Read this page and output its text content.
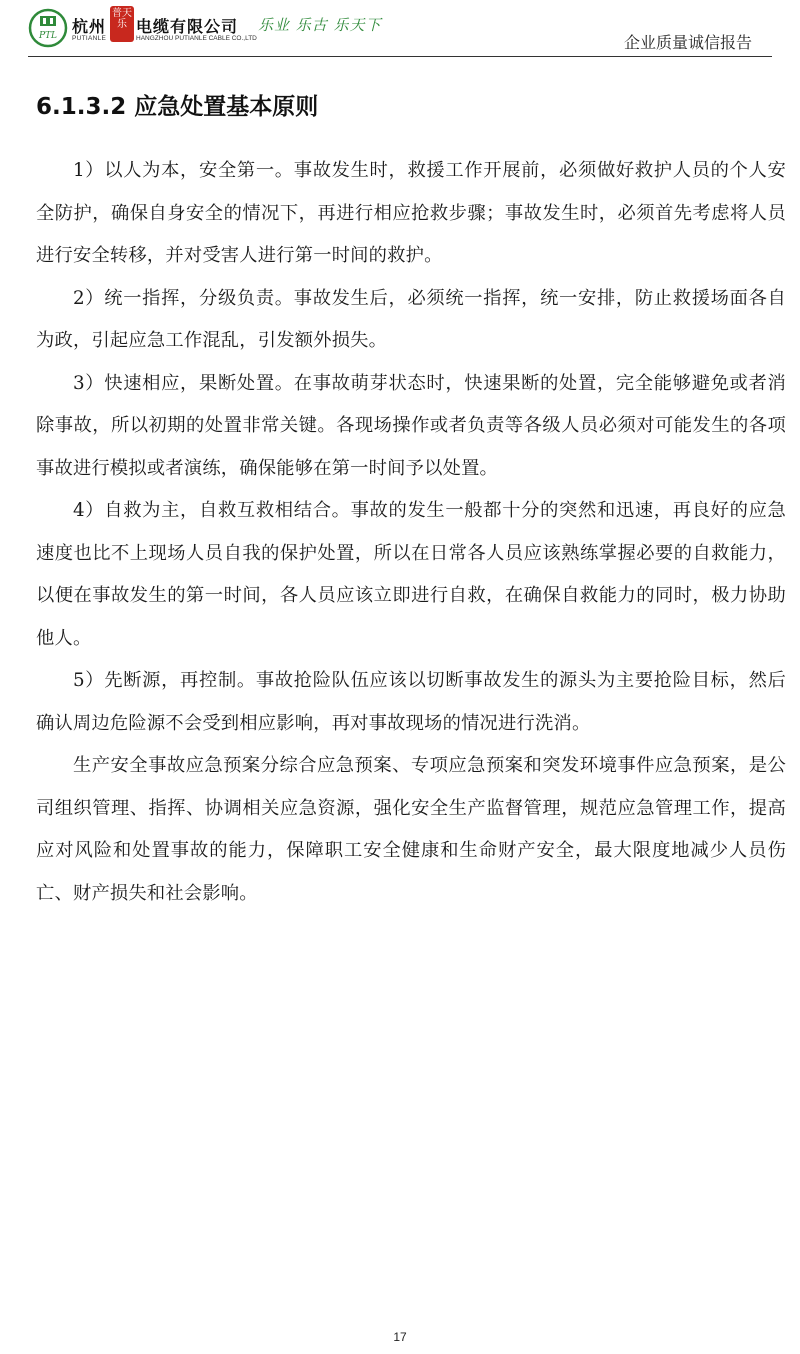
PTL 杭州
PUTIANLE
普天乐 电缆有限公司
HANGZHOU PUTIANLE CABLE CO.,LTD
乐业 乐古 乐天下
企业质量诚信报告
6.1.3.2 应急处置基本原则

1）以人为本，安全第一。事故发生时，救援工作开展前，必须做好救护人员的个人安全防护，确保自身安全的情况下，再进行相应抢救步骤；事故发生时，必须首先考虑将人员进行安全转移，并对受害人进行第一时间的救护。

2）统一指挥，分级负责。事故发生后，必须统一指挥，统一安排，防止救援场面各自为政，引起应急工作混乱，引发额外损失。

3）快速相应，果断处置。在事故萌芽状态时，快速果断的处置，完全能够避免或者消除事故，所以初期的处置非常关键。各现场操作或者负责等各级人员必须对可能发生的各项事故进行模拟或者演练，确保能够在第一时间予以处置。

4）自救为主，自救互救相结合。事故的发生一般都十分的突然和迅速，再良好的应急速度也比不上现场人员自我的保护处置，所以在日常各人员应该熟练掌握必要的自救能力，以便在事故发生的第一时间，各人员应该立即进行自救，在确保自救能力的同时，极力协助他人。

5）先断源，再控制。事故抢险队伍应该以切断事故发生的源头为主要抢险目标，然后确认周边危险源不会受到相应影响，再对事故现场的情况进行洗消。

生产安全事故应急预案分综合应急预案、专项应急预案和突发环境事件应急预案，是公司组织管理、指挥、协调相关应急资源，强化安全生产监督管理，规范应急管理工作，提高应对风险和处置事故的能力，保障职工安全健康和生命财产安全，最大限度地减少人员伤亡、财产损失和社会影响。

17
